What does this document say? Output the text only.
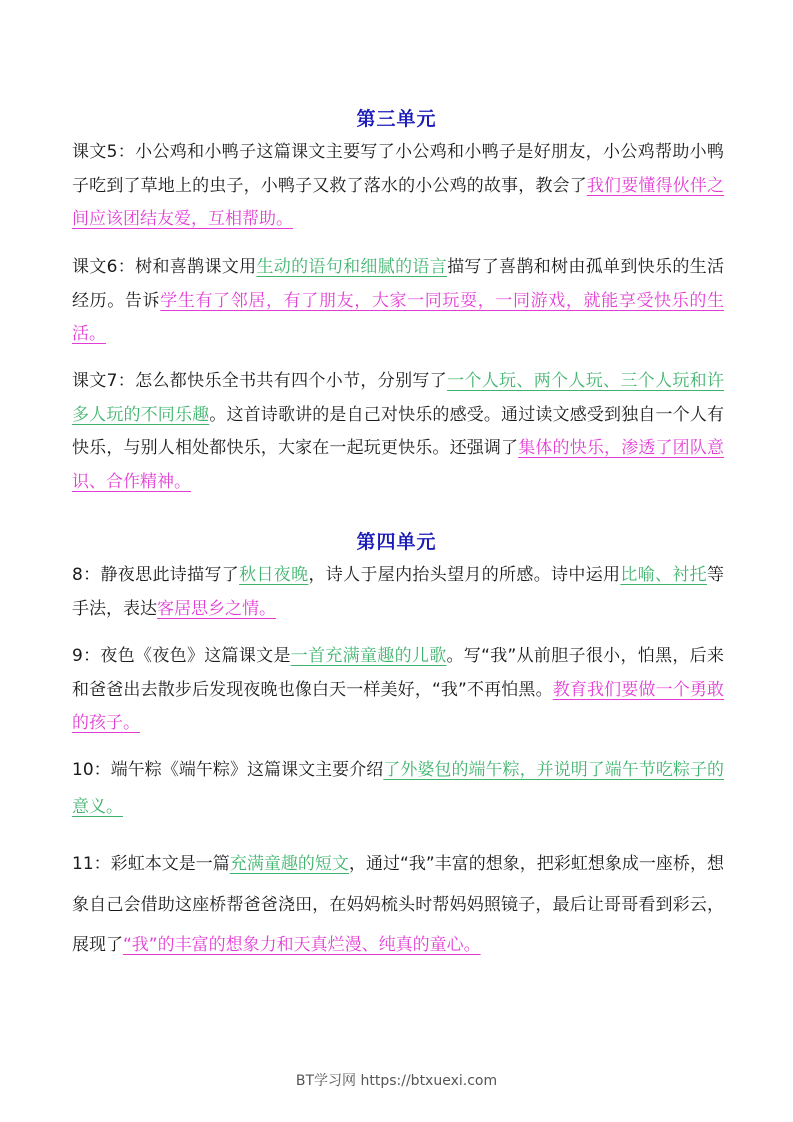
第三单元
课文5：小公鸡和小鸭子这篇课文主要写了小公鸡和小鸭子是好朋友，小公鸡帮助小鸭子吃到了草地上的虫子，小鸭子又救了落水的小公鸡的故事，教会了我们要懂得伙伴之间应该团结友爱，互相帮助。
课文6：树和喜鹊课文用生动的语句和细腻的语言描写了喜鹊和树由孤单到快乐的生活经历。告诉学生有了邻居，有了朋友，大家一同玩耍，一同游戏，就能享受快乐的生活。
课文7：怎么都快乐全书共有四个小节，分别写了一个人玩、两个人玩、三个人玩和许多人玩的不同乐趣。这首诗歌讲的是自己对快乐的感受。通过读文感受到独自一个人有快乐，与别人相处都快乐，大家在一起玩更快乐。还强调了集体的快乐，渗透了团队意识、合作精神。
第四单元
8：静夜思此诗描写了秋日夜晚，诗人于屋内抬头望月的所感。诗中运用比喻、衬托等手法，表达客居思乡之情。
9：夜色《夜色》这篇课文是一首充满童趣的儿歌。写“我”从前胆子很小，怕黑，后来和爸爸出去散步后发现夜晚也像白天一样美好，“我”不再怕黑。教育我们要做一个勇敢的孩子。
10：端午粽《端午粽》这篇课文主要介绍了外婆包的端午粽，并说明了端午节吃粽子的意义。
11：彩虹本文是一篇充满童趣的短文，通过“我”丰富的想象，把彩虹想象成一座桥，想象自己会借助这座桥帮爸爸浇田，在妈妈梳头时帮妈妈照镜子，最后让哥哥看到彩云，展现了“我”的丰富的想象力和天真烂漫、纯真的童心。
BT学习网 https://btxuexi.com
